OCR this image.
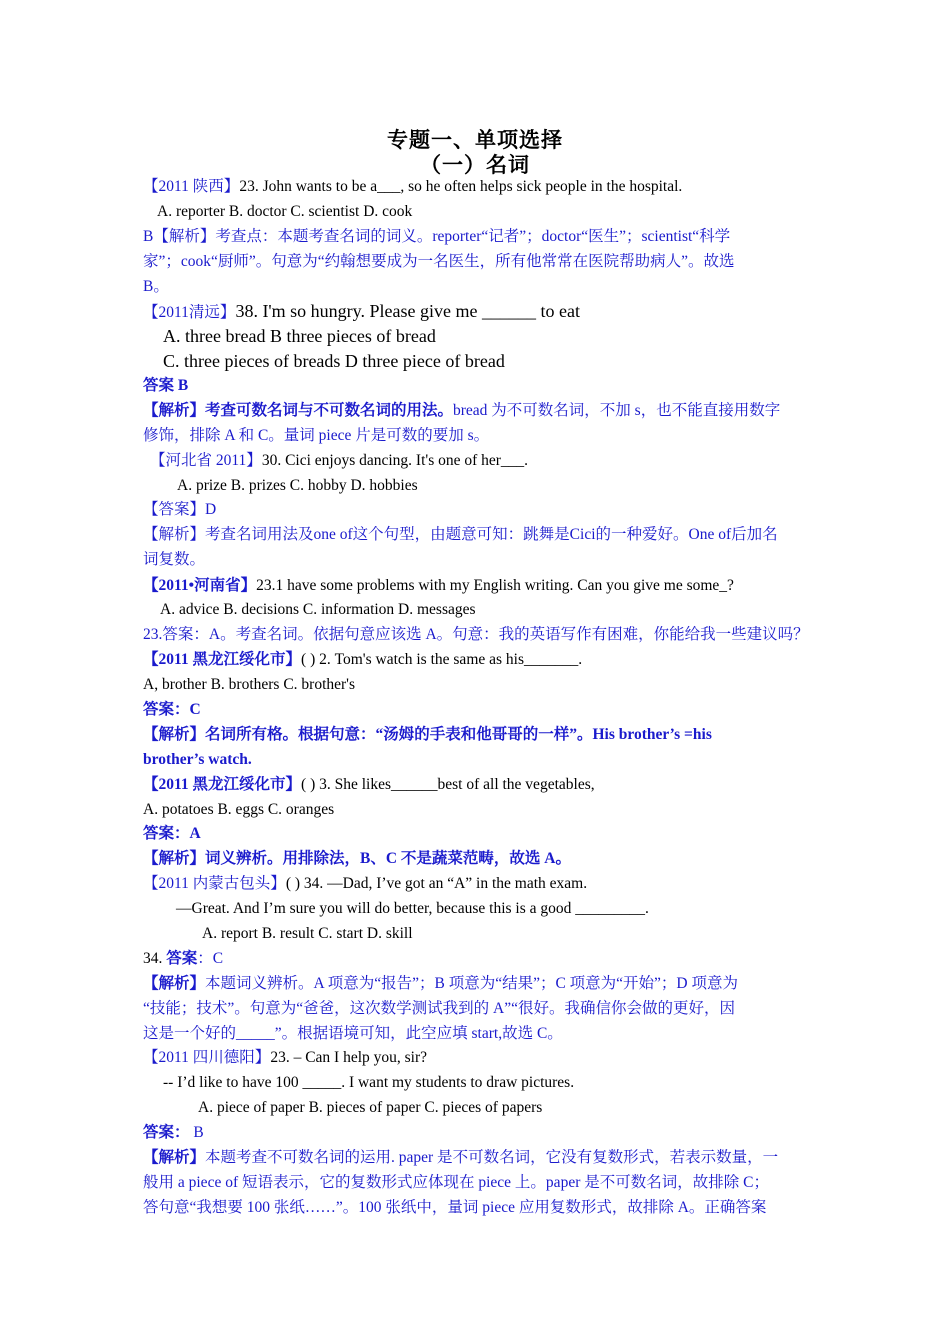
专题一、单项选择
（一）名词
【2011 陕西】23. John wants to be a___, so he often helps sick people in the hospital.
A. reporter B. doctor C. scientist D. cook
B【解析】考查点：本题考查名词的词义。reporter“记者”；doctor“医生”；scientist“科学
家”；cook“厨师”。句意为“约翰想要成为一名医生，所有他常常在医院帮助病人”。故选
B。
【2011清远】38. I'm so hungry. Please give me ______ to eat
A. three bread B three pieces of bread
C. three pieces of breads D three piece of bread
答案 B
【解析】考查可数名词与不可数名词的用法。bread 为不可数名词，不加 s，也不能直接用数字
修饰，排除 A 和 C。量词 piece 片是可数的要加 s。
【河北省 2011】30. Cici enjoys dancing. It's one of her___.
A. prize B. prizes C. hobby D. hobbies
【答案】D
【解析】考查名词用法及one of这个句型，由题意可知：跳舞是Cici的一种爱好。One of后加名
词复数。
【2011•河南省】23.1 have some problems with my English writing. Can you give me some_?
A. advice B. decisions C. information D. messages
23.答案：A。考查名词。依据句意应该选 A。句意：我的英语写作有困难，你能给我一些建议吗？
【2011 黑龙江绥化市】( ) 2. Tom's watch is the same as his_______.
A, brother B. brothers C. brother's
答案：C
【解析】名词所有格。根据句意：“汤姆的手表和他哥哥的一样”。His brother’s =his
brother’s watch.
【2011 黑龙江绥化市】( ) 3. She likes______best of all the vegetables,
A. potatoes B. eggs C. oranges
答案：A
【解析】词义辨析。用排除法，B、C 不是蔬菜范畴，故选 A。
【2011 内蒙古包头】( ) 34. —Dad, I’ve got an “A” in the math exam.
—Great. And I’m sure you will do better, because this is a good _________.
A. report B. result C. start D. skill
34. 答案：C
【解析】本题词义辨析。A 项意为“报告”；B 项意为“结果”；C 项意为“开始”；D 项意为
“技能；技术”。句意为“爸爸，这次数学测试我到的 A”“很好。我确信你会做的更好，因
这是一个好的_____”。根据语境可知，此空应填 start,故选 C。
【2011 四川德阳】23. – Can I help you, sir?
-- I’d like to have 100 _____. I want my students to draw pictures.
A. piece of paper B. pieces of paper C. pieces of papers
答案： B
【解析】本题考查不可数名词的运用. paper 是不可数名词，它没有复数形式，若表示数量，一
般用 a piece of 短语表示，它的复数形式应体现在 piece 上。paper 是不可数名词，故排除 C；
答句意“我想要 100 张纸……”。100 张纸中，量词 piece 应用复数形式，故排除 A。正确答案
